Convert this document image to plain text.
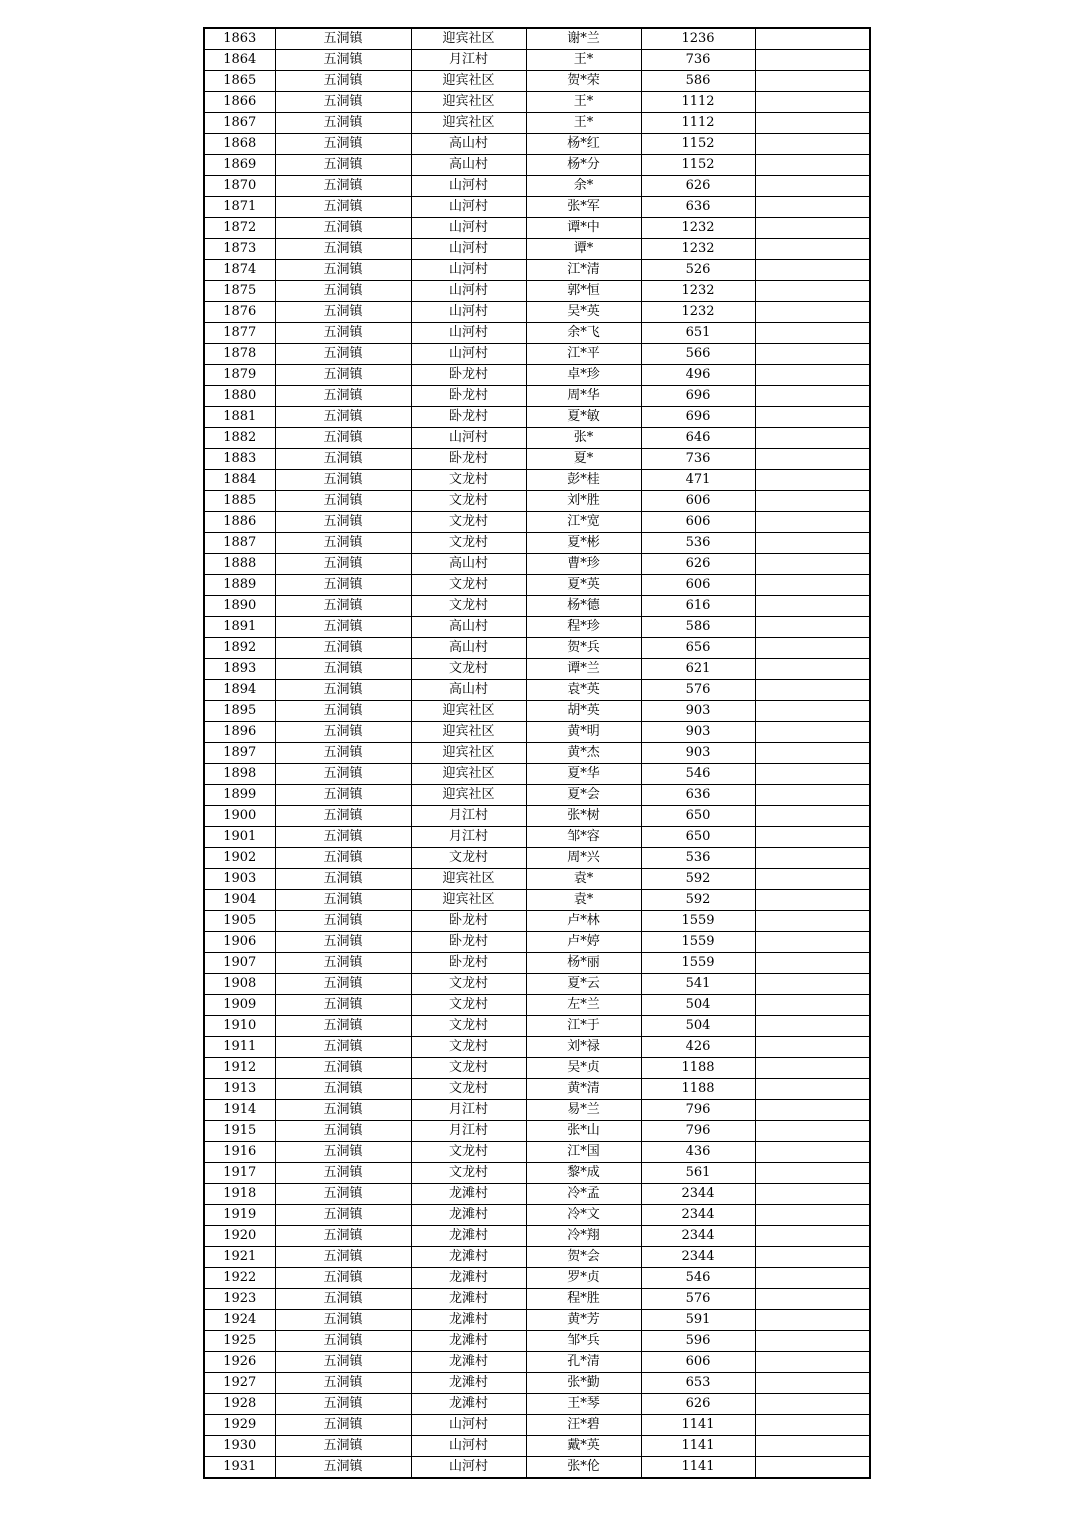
1863	五洞镇	迎宾社区	谢*兰	1236	
1864	五洞镇	月江村	王*	736	
1865	五洞镇	迎宾社区	贺*荣	586	
1866	五洞镇	迎宾社区	王*	1112	
1867	五洞镇	迎宾社区	王*	1112	
1868	五洞镇	高山村	杨*红	1152	
1869	五洞镇	高山村	杨*分	1152	
1870	五洞镇	山河村	余*	626	
1871	五洞镇	山河村	张*军	636	
1872	五洞镇	山河村	谭*中	1232	
1873	五洞镇	山河村	谭*	1232	
1874	五洞镇	山河村	江*清	526	
1875	五洞镇	山河村	郭*恒	1232	
1876	五洞镇	山河村	吴*英	1232	
1877	五洞镇	山河村	余*飞	651	
1878	五洞镇	山河村	江*平	566	
1879	五洞镇	卧龙村	卓*珍	496	
1880	五洞镇	卧龙村	周*华	696	
1881	五洞镇	卧龙村	夏*敏	696	
1882	五洞镇	山河村	张*	646	
1883	五洞镇	卧龙村	夏*	736	
1884	五洞镇	文龙村	彭*桂	471	
1885	五洞镇	文龙村	刘*胜	606	
1886	五洞镇	文龙村	江*宽	606	
1887	五洞镇	文龙村	夏*彬	536	
1888	五洞镇	高山村	曹*珍	626	
1889	五洞镇	文龙村	夏*英	606	
1890	五洞镇	文龙村	杨*德	616	
1891	五洞镇	高山村	程*珍	586	
1892	五洞镇	高山村	贺*兵	656	
1893	五洞镇	文龙村	谭*兰	621	
1894	五洞镇	高山村	袁*英	576	
1895	五洞镇	迎宾社区	胡*英	903	
1896	五洞镇	迎宾社区	黄*明	903	
1897	五洞镇	迎宾社区	黄*杰	903	
1898	五洞镇	迎宾社区	夏*华	546	
1899	五洞镇	迎宾社区	夏*会	636	
1900	五洞镇	月江村	张*树	650	
1901	五洞镇	月江村	邹*容	650	
1902	五洞镇	文龙村	周*兴	536	
1903	五洞镇	迎宾社区	袁*	592	
1904	五洞镇	迎宾社区	袁*	592	
1905	五洞镇	卧龙村	卢*林	1559	
1906	五洞镇	卧龙村	卢*婷	1559	
1907	五洞镇	卧龙村	杨*丽	1559	
1908	五洞镇	文龙村	夏*云	541	
1909	五洞镇	文龙村	左*兰	504	
1910	五洞镇	文龙村	江*于	504	
1911	五洞镇	文龙村	刘*禄	426	
1912	五洞镇	文龙村	吴*贞	1188	
1913	五洞镇	文龙村	黄*清	1188	
1914	五洞镇	月江村	易*兰	796	
1915	五洞镇	月江村	张*山	796	
1916	五洞镇	文龙村	江*国	436	
1917	五洞镇	文龙村	黎*成	561	
1918	五洞镇	龙滩村	冷*孟	2344	
1919	五洞镇	龙滩村	冷*文	2344	
1920	五洞镇	龙滩村	冷*翔	2344	
1921	五洞镇	龙滩村	贺*会	2344	
1922	五洞镇	龙滩村	罗*贞	546	
1923	五洞镇	龙滩村	程*胜	576	
1924	五洞镇	龙滩村	黄*芳	591	
1925	五洞镇	龙滩村	邹*兵	596	
1926	五洞镇	龙滩村	孔*清	606	
1927	五洞镇	龙滩村	张*勤	653	
1928	五洞镇	龙滩村	王*琴	626	
1929	五洞镇	山河村	汪*碧	1141	
1930	五洞镇	山河村	戴*英	1141	
1931	五洞镇	山河村	张*伦	1141	
